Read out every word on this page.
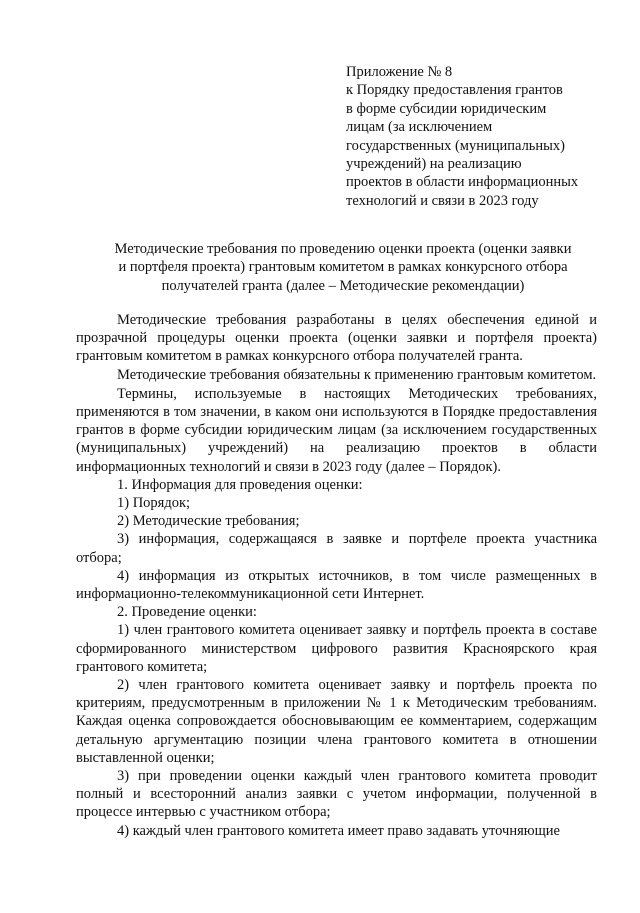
Приложение № 8
к Порядку предоставления грантов
в форме субсидии юридическим
лицам (за исключением
государственных (муниципальных)
учреждений) на реализацию
проектов в области информационных
технологий и связи в 2023 году
Методические требования по проведению оценки проекта (оценки заявки
и портфеля проекта) грантовым комитетом в рамках конкурсного отбора
получателей гранта (далее – Методические рекомендации)

Методические требования разработаны в целях обеспечения единой и прозрачной процедуры оценки проекта (оценки заявки и портфеля проекта) грантовым комитетом в рамках конкурсного отбора получателей гранта.

Методические требования обязательны к применению грантовым комитетом.

Термины, используемые в настоящих Методических требованиях, применяются в том значении, в каком они используются в Порядке предоставления грантов в форме субсидии юридическим лицам (за исключением государственных (муниципальных) учреждений) на реализацию проектов в области информационных технологий и связи в 2023 году (далее – Порядок).

1. Информация для проведения оценки:

1) Порядок;

2) Методические требования;

3) информация, содержащаяся в заявке и портфеле проекта участника отбора;

4) информация из открытых источников, в том числе размещенных в информационно-телекоммуникационной сети Интернет.

2. Проведение оценки:

1) член грантового комитета оценивает заявку и портфель проекта в составе сформированного министерством цифрового развития Красноярского края грантового комитета;

2) член грантового комитета оценивает заявку и портфель проекта по критериям, предусмотренным в приложении № 1 к Методическим требованиям. Каждая оценка сопровождается обосновывающим ее комментарием, содержащим детальную аргументацию позиции члена грантового комитета в отношении выставленной оценки;

3) при проведении оценки каждый член грантового комитета проводит полный и всесторонний анализ заявки с учетом информации, полученной в процессе интервью с участником отбора;

4) каждый член грантового комитета имеет право задавать уточняющие
